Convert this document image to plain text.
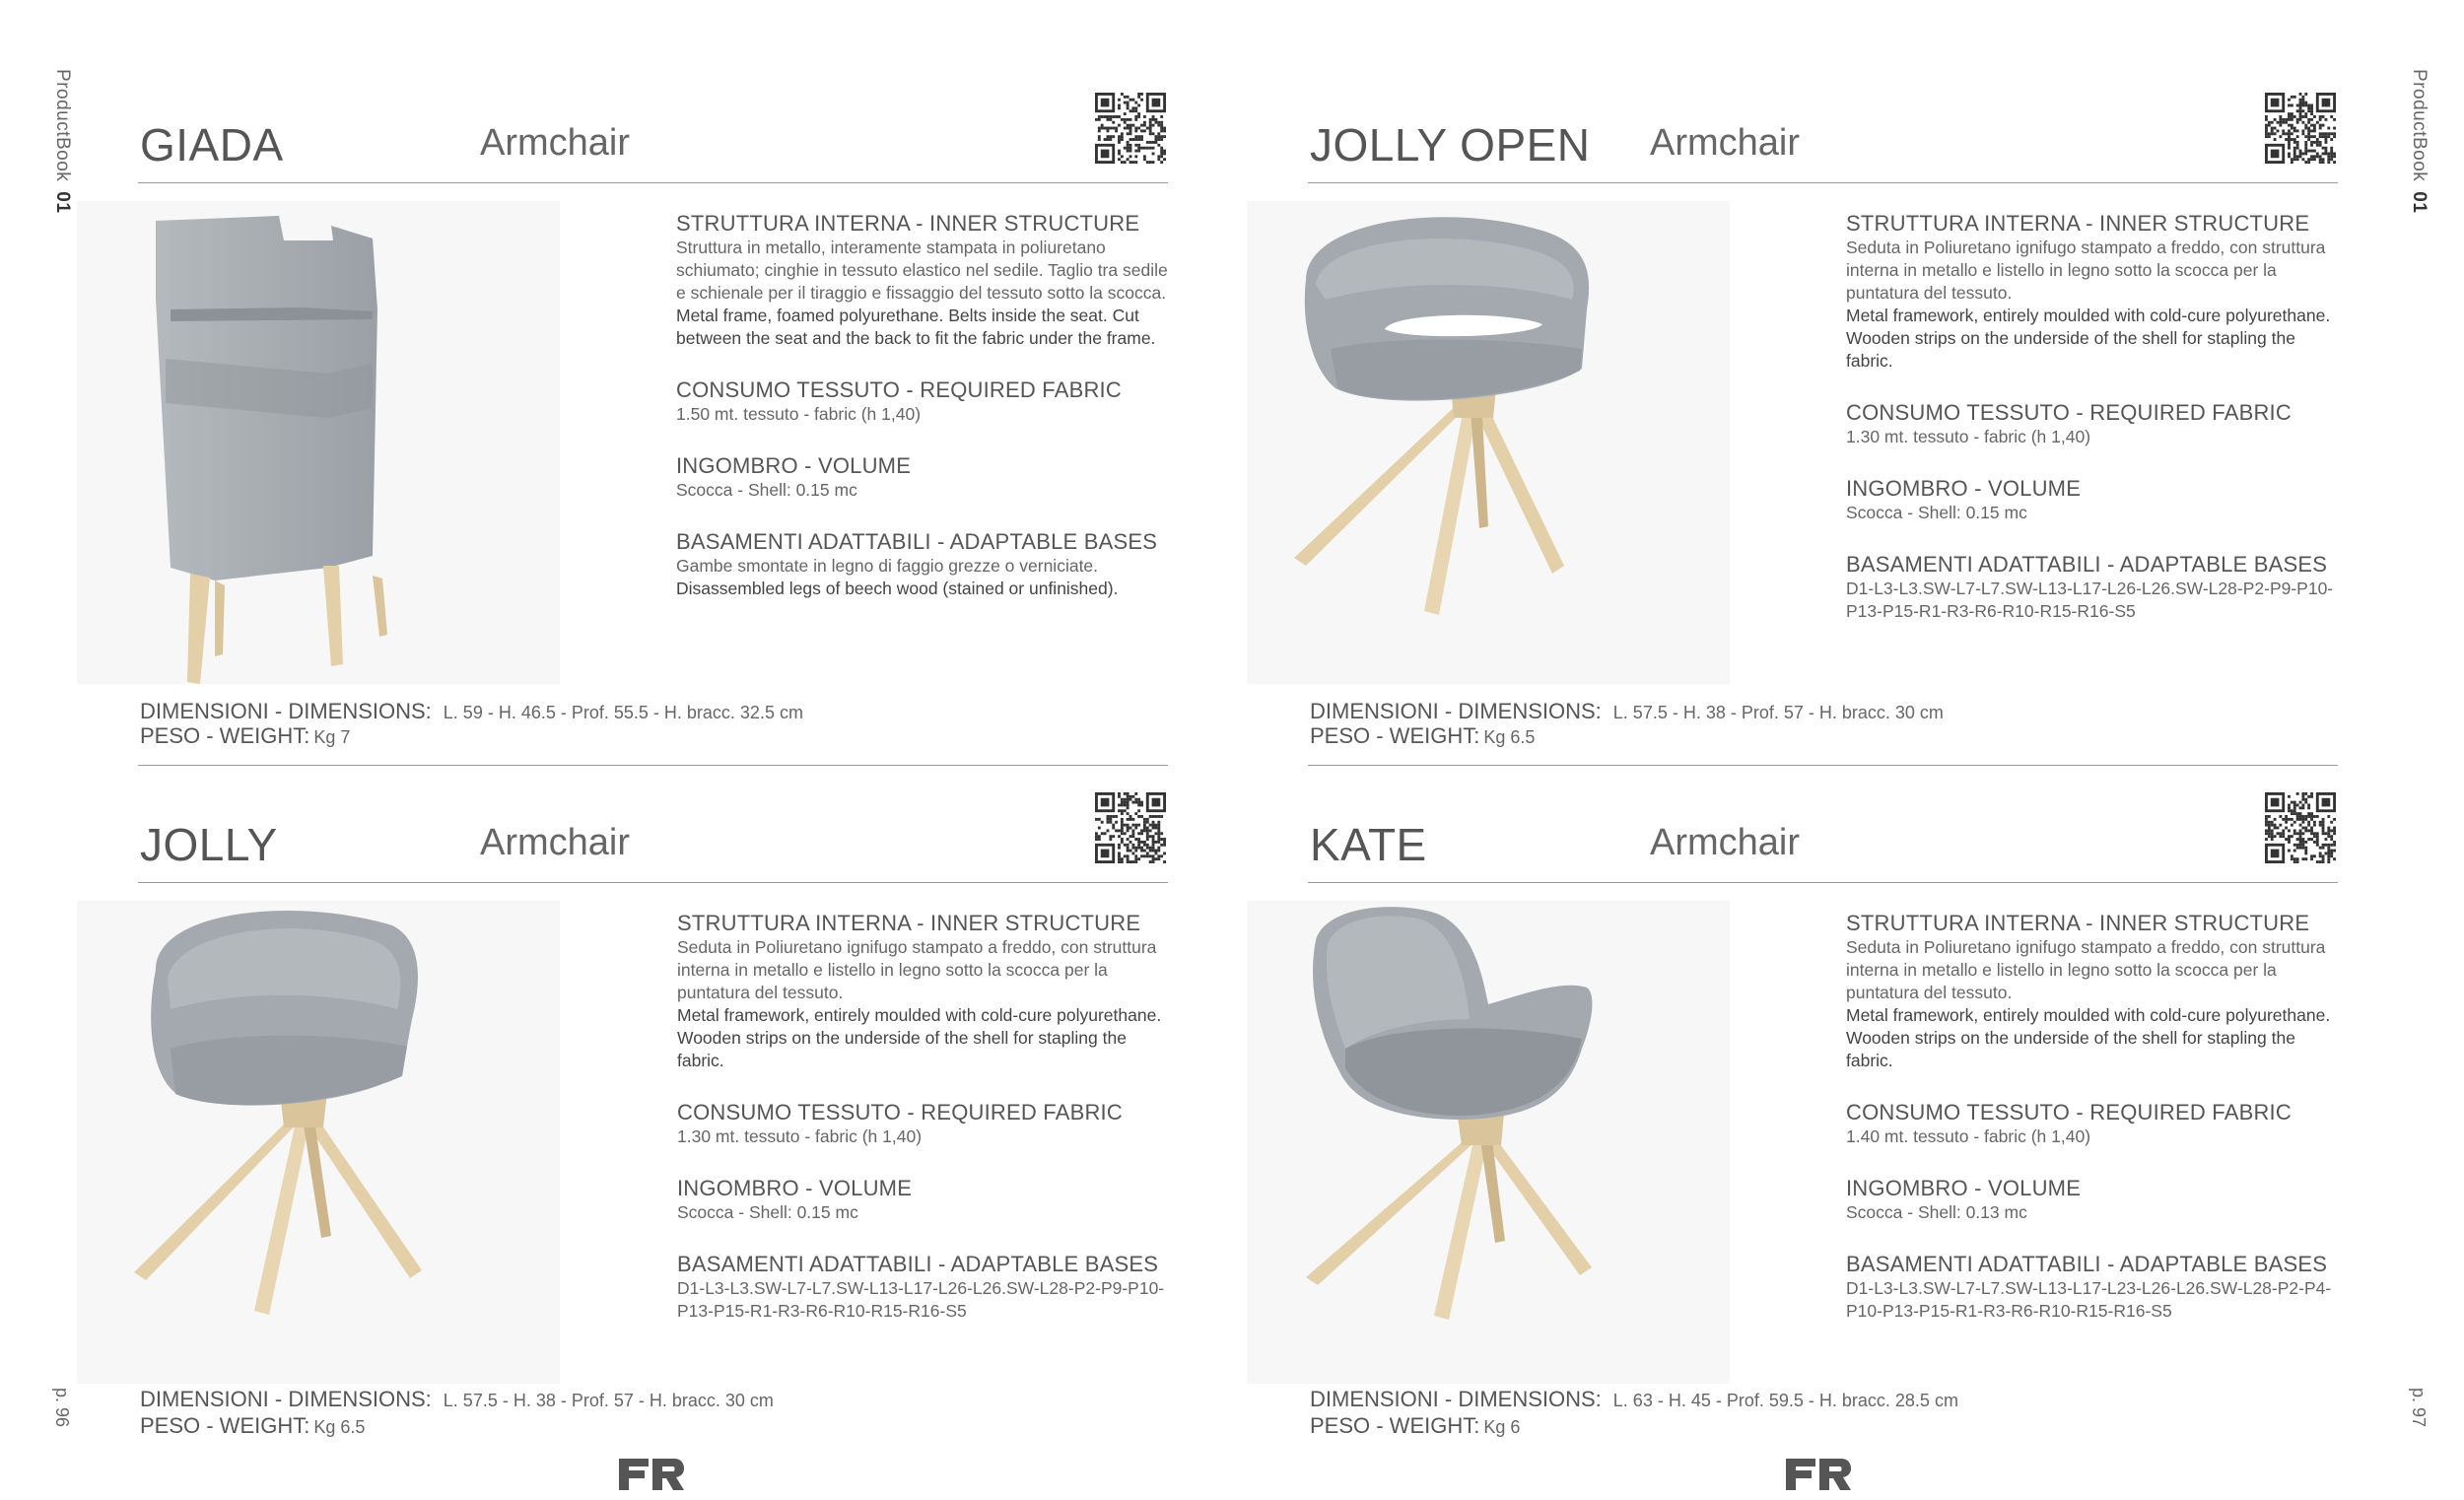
ProductBook01
ProductBook01
p. 96	p. 97
GIADA	Armchair
STRUTTURA INTERNA - INNER STRUCTURE
Struttura in metallo, interamente stampata in poliuretano schiumato; cinghie in tessuto elastico nel sedile. Taglio tra sedile e schienale per il tiraggio e fissaggio del tessuto sotto la scocca.
Metal frame, foamed polyurethane. Belts inside the seat. Cut between the seat and the back to fit the fabric under the frame.
CONSUMO TESSUTO - REQUIRED FABRIC
1.50 mt. tessuto - fabric (h 1,40)
INGOMBRO - VOLUME
Scocca - Shell: 0.15 mc
BASAMENTI ADATTABILI - ADAPTABLE BASES
Gambe smontate in legno di faggio grezze o verniciate.
Disassembled legs of beech wood (stained or unfinished).
DIMENSIONI - DIMENSIONS: L. 59 - H. 46.5 - Prof. 55.5 - H. bracc. 32.5 cm
PESO - WEIGHT: Kg 7
JOLLY OPEN Armchair
STRUTTURA INTERNA - INNER STRUCTURE
Seduta in Poliuretano ignifugo stampato a freddo, con struttura interna in metallo e listello in legno sotto la scocca per la puntatura del tessuto.
Metal framework, entirely moulded with cold-cure polyurethane. Wooden strips on the underside of the shell for stapling the fabric.
CONSUMO TESSUTO - REQUIRED FABRIC
1.30 mt. tessuto - fabric (h 1,40)
INGOMBRO - VOLUME
Scocca - Shell: 0.15 mc
BASAMENTI ADATTABILI - ADAPTABLE BASES
D1-L3-L3.SW-L7-L7.SW-L13-L17-L26-L26.SW-L28-P2-P9-P10-P13-P15-R1-R3-R6-R10-R15-R16-S5
DIMENSIONI - DIMENSIONS: L. 57.5 - H. 38 - Prof. 57 - H. bracc. 30 cm
PESO - WEIGHT: Kg 6.5
JOLLY	Armchair
STRUTTURA INTERNA - INNER STRUCTURE
Seduta in Poliuretano ignifugo stampato a freddo, con struttura interna in metallo e listello in legno sotto la scocca per la puntatura del tessuto.
Metal framework, entirely moulded with cold-cure polyurethane. Wooden strips on the underside of the shell for stapling the fabric.
CONSUMO TESSUTO - REQUIRED FABRIC
1.30 mt. tessuto - fabric (h 1,40)
INGOMBRO - VOLUME
Scocca - Shell: 0.15 mc
BASAMENTI ADATTABILI - ADAPTABLE BASES
D1-L3-L3.SW-L7-L7.SW-L13-L17-L26-L26.SW-L28-P2-P9-P10-P13-P15-R1-R3-R6-R10-R15-R16-S5
DIMENSIONI - DIMENSIONS: L. 57.5 - H. 38 - Prof. 57 - H. bracc. 30 cm
PESO - WEIGHT: Kg 6.5
KATE	Armchair
STRUTTURA INTERNA - INNER STRUCTURE
Seduta in Poliuretano ignifugo stampato a freddo, con struttura interna in metallo e listello in legno sotto la scocca per la puntatura del tessuto.
Metal framework, entirely moulded with cold-cure polyurethane. Wooden strips on the underside of the shell for stapling the fabric.
CONSUMO TESSUTO - REQUIRED FABRIC
1.40 mt. tessuto - fabric (h 1,40)
INGOMBRO - VOLUME
Scocca - Shell: 0.13 mc
BASAMENTI ADATTABILI - ADAPTABLE BASES
D1-L3-L3.SW-L7-L7.SW-L13-L17-L23-L26-L26.SW-L28-P2-P4-P10-P13-P15-R1-R3-R6-R10-R15-R16-S5
DIMENSIONI - DIMENSIONS: L. 63 - H. 45 - Prof. 59.5 - H. bracc. 28.5 cm
PESO - WEIGHT: Kg 6
